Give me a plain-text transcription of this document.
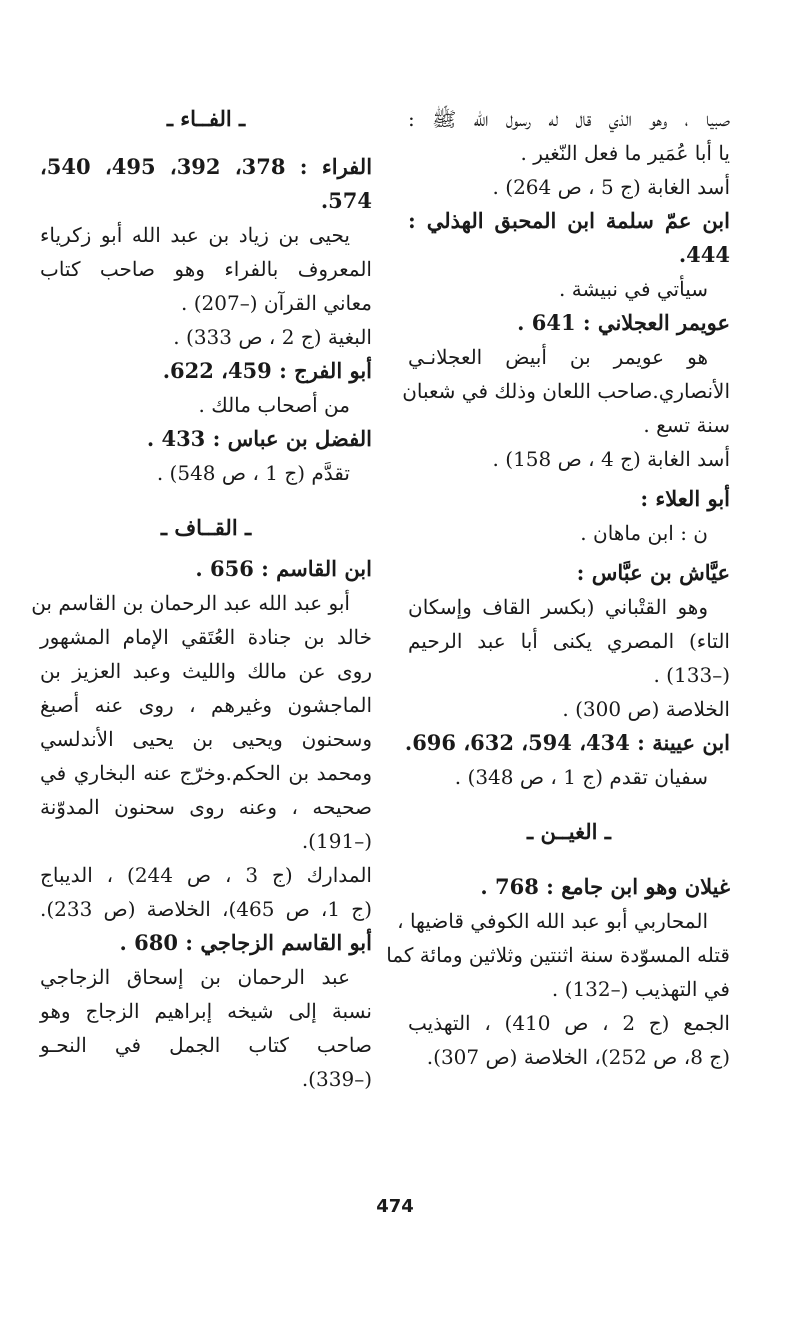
صبيا ، وهو الذي قال له رسول الله ﷺ :
يا أبا عُمَير ما فعل النّغير .
أسد الغابة (ج 5 ، ص 264) .
ابن عمّ سلمة ابن المحبق الهذلي :
444.
سيأتي في نبيشة .
عويمر العجلاني : 641 .
هو عويمر بن أبيض العجلانـي
الأنصاري.صاحب اللعان وذلك في شعبان
سنة تسع .
أسد الغابة (ج 4 ، ص 158) .
أبو العلاء :
ن : ابن ماهان .
عيَّاش بن عبَّاس :
وهو القتْباني (بكسر القاف وإسكان
التاء) المصري يكنى أبا عبد الرحيم
(–133) .
الخلاصة (ص 300) .
ابن عيينة : 434، 594، 632، 696.
سفيان تقدم (ج 1 ، ص 348) .
ـ الغيــن ـ
غيلان وهو ابن جامع : 768 .
المحاربي أبو عبد الله الكوفي قاضيها ،
قتله المسوّدة سنة اثنتين وثلاثين ومائة كما
في التهذيب (–132) .
الجمع (ج 2 ، ص 410) ، التهذيب
(ج 8، ص 252)، الخلاصة (ص 307).
ـ الفــاء ـ
الفراء : 378، 392، 495، 540،
574.
يحيى بن زياد بن عبد الله أبو زكرياء
المعروف بالفراء وهو صاحب كتاب
معاني القرآن (–207) .
البغية (ج 2 ، ص 333) .
أبو الفرج : 459، 622.
من أصحاب مالك .
الفضل بن عباس : 433 .
تقدَّم (ج 1 ، ص 548) .
ـ القــاف ـ
ابن القاسم : 656 .
أبو عبد الله عبد الرحمان بن القاسم بن
خالد بن جنادة العُتَقي الإمام المشهور
روى عن مالك والليث وعبد العزيز بن
الماجشون وغيرهم ، روى عنه أصبغ
وسحنون ويحيى بن يحيى الأندلسي
ومحمد بن الحكم.وخرّج عنه البخاري في
صحيحه ، وعنه روى سحنون المدوّنة
(–191).
المدارك (ج 3 ، ص 244) ، الديباج
(ج 1، ص 465)، الخلاصة (ص 233).
أبو القاسم الزجاجي : 680 .
عبد الرحمان بن إسحاق الزجاجي
نسبة إلى شيخه إبراهيم الزجاج وهو
صاحب كتاب الجمل في النحـو
(–339).
474
